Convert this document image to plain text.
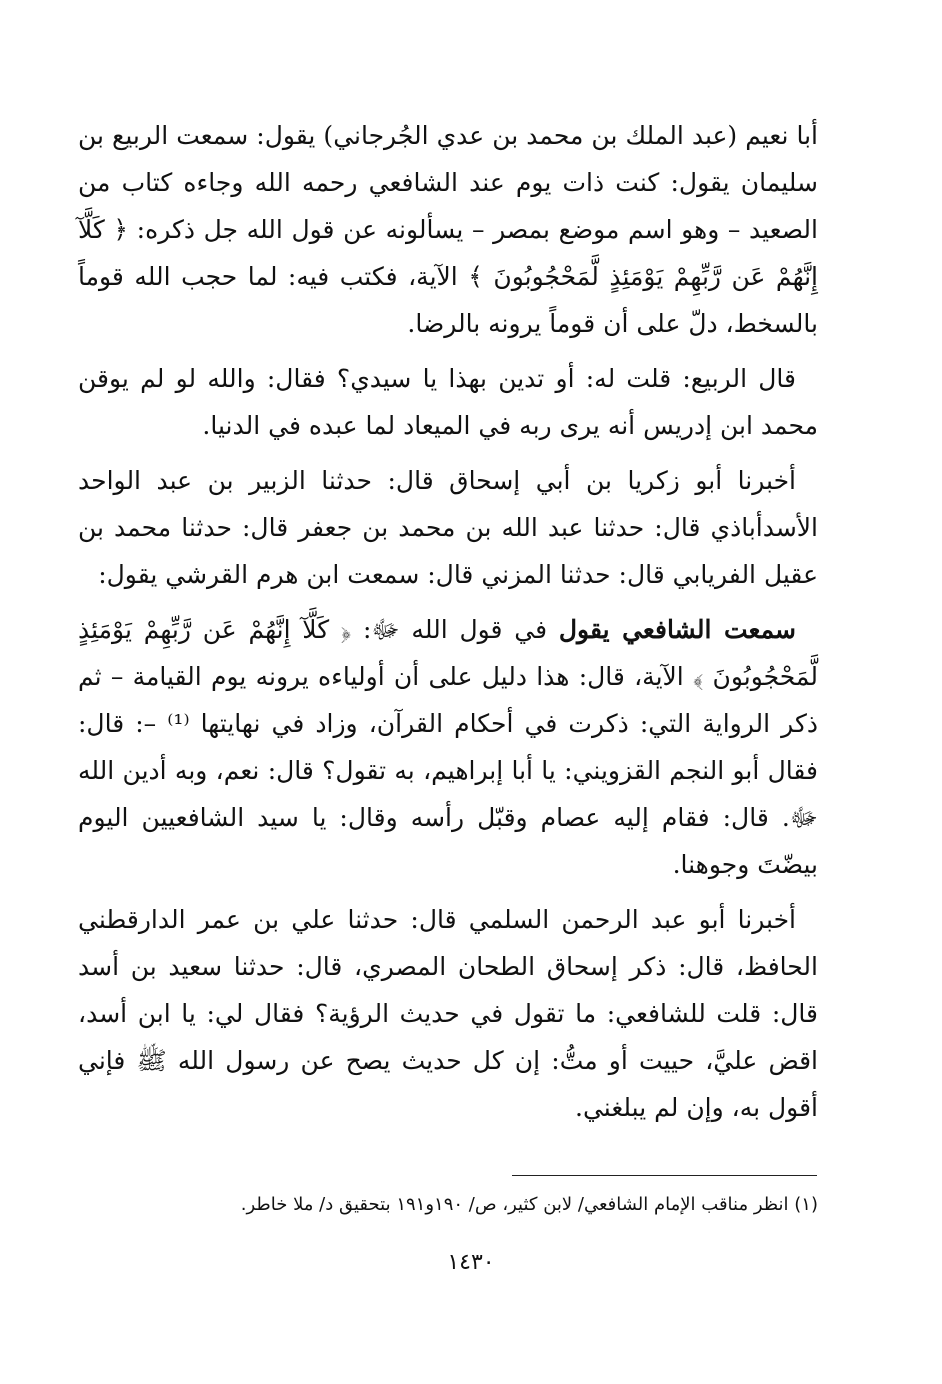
أبا نعيم (عبد الملك بن محمد بن عدي الجُرجاني) يقول: سمعت الربيع بن سليمان يقول: كنت ذات يوم عند الشافعي رحمه الله وجاءه كتاب من الصعيد – وهو اسم موضع بمصر – يسألونه عن قول الله جل ذكره: ﴿ كَلَّآ إِنَّهُمْ عَن رَّبِّهِمْ يَوْمَئِذٍ لَّمَحْجُوبُونَ ﴾ الآية، فكتب فيه: لما حجب الله قوماً بالسخط، دلّ على أن قوماً يرونه بالرضا.

قال الربيع: قلت له: أو تدين بهذا يا سيدي؟ فقال: والله لو لم يوقن محمد ابن إدريس أنه يرى ربه في الميعاد لما عبده في الدنيا.

أخبرنا أبو زكريا بن أبي إسحاق قال: حدثنا الزبير بن عبد الواحد الأسدأباذي قال: حدثنا عبد الله بن محمد بن جعفر قال: حدثنا محمد بن عقيل الفريابي قال: حدثنا المزني قال: سمعت ابن هرم القرشي يقول:

سمعت الشافعي يقول في قول الله ﷻ: ﴿ كَلَّآ إِنَّهُمْ عَن رَّبِّهِمْ يَوْمَئِذٍ لَّمَحْجُوبُونَ ﴾ الآية، قال: هذا دليل على أن أولياءه يرونه يوم القيامة – ثم ذكر الرواية التي: ذكرت في أحكام القرآن، وزاد في نهايتها ⁽¹⁾ –: قال: فقال أبو النجم القزويني: يا أبا إبراهيم، به تقول؟ قال: نعم، وبه أدين الله ﷻ. قال: فقام إليه عصام وقبّل رأسه وقال: يا سيد الشافعيين اليوم بيضّتَ وجوهنا.

أخبرنا أبو عبد الرحمن السلمي قال: حدثنا علي بن عمر الدارقطني الحافظ، قال: ذكر إسحاق الطحان المصري، قال: حدثنا سعيد بن أسد قال: قلت للشافعي: ما تقول في حديث الرؤية؟ فقال لي: يا ابن أسد، اقض عليَّ، حييت أو متُّ: إن كل حديث يصح عن رسول الله ﷺ فإني أقول به، وإن لم يبلغني.

(١) انظر مناقب الإمام الشافعي/ لابن كثير، ص/ ١٩٠و١٩١ بتحقيق د/ ملا خاطر.
١٤٣٠
